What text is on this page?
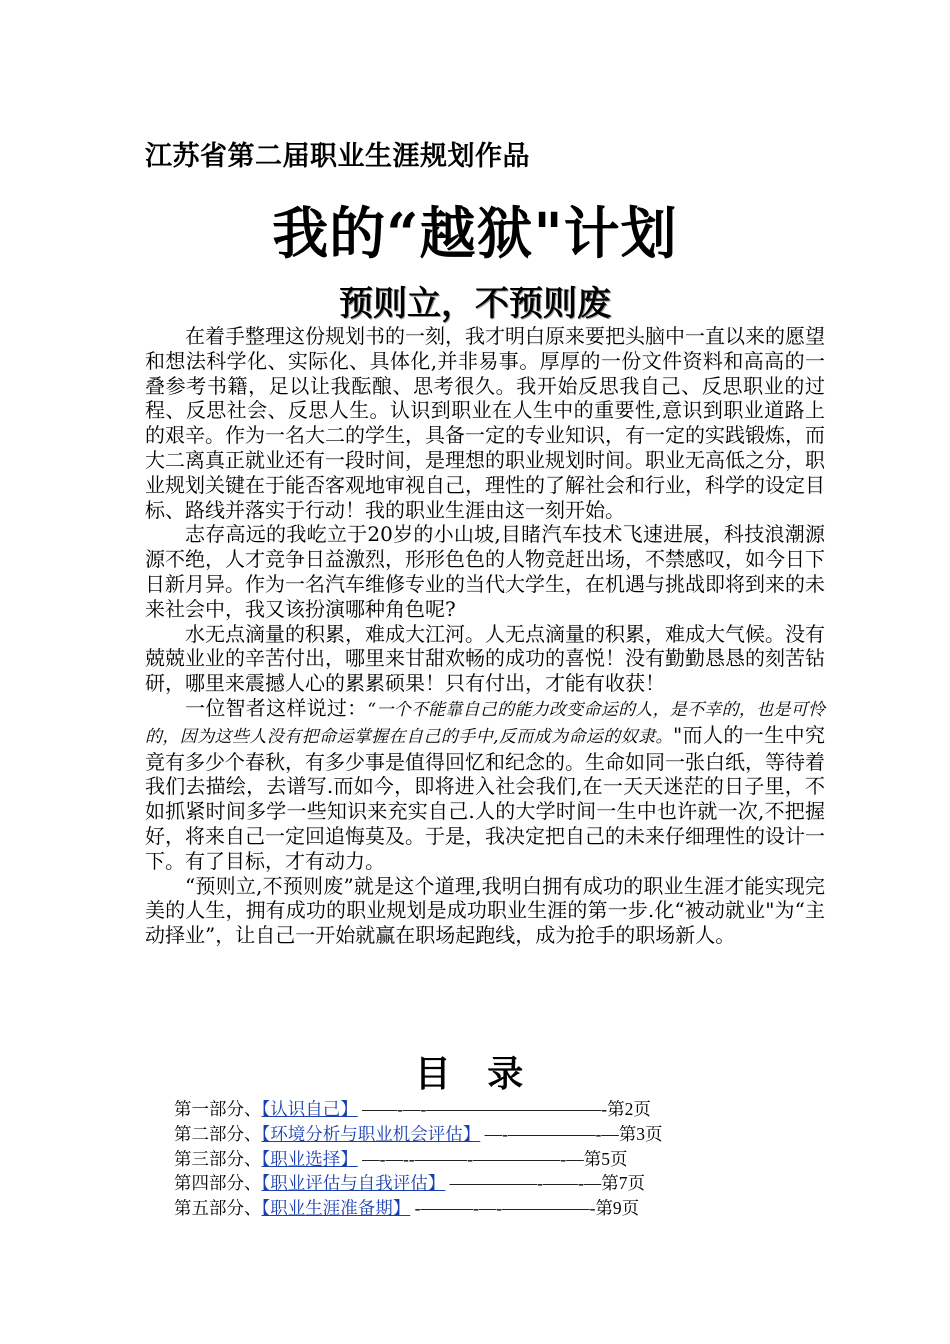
江苏省第二届职业生涯规划作品
我的“越狱"计划
预则立，不预则废

在着手整理这份规划书的一刻，我才明白原来要把头脑中一直以来的愿望和想法科学化、实际化、具体化,并非易事。厚厚的一份文件资料和高高的一叠参考书籍，足以让我酝酿、思考很久。我开始反思我自己、反思职业的过程、反思社会、反思人生。认识到职业在人生中的重要性,意识到职业道路上的艰辛。作为一名大二的学生，具备一定的专业知识，有一定的实践锻炼，而大二离真正就业还有一段时间，是理想的职业规划时间。职业无高低之分，职业规划关键在于能否客观地审视自己，理性的了解社会和行业，科学的设定目标、路线并落实于行动！我的职业生涯由这一刻开始。

志存高远的我屹立于20岁的小山坡,目睹汽车技术飞速进展，科技浪潮源源不绝，人才竞争日益激烈，形形色色的人物竞赶出场，不禁感叹，如今日下日新月异。作为一名汽车维修专业的当代大学生，在机遇与挑战即将到来的未来社会中，我又该扮演哪种角色呢?

水无点滴量的积累，难成大江河。人无点滴量的积累，难成大气候。没有兢兢业业的辛苦付出，哪里来甘甜欢畅的成功的喜悦！没有勤勤恳恳的刻苦钻研，哪里来震撼人心的累累硕果！只有付出，才能有收获！

一位智者这样说过：“一个不能靠自己的能力改变命运的人，是不幸的，也是可怜的，因为这些人没有把命运掌握在自己的手中,反而成为命运的奴隶。"而人的一生中究竟有多少个春秋，有多少事是值得回忆和纪念的。生命如同一张白纸，等待着我们去描绘，去谱写.而如今，即将进入社会我们,在一天天迷茫的日子里，不如抓紧时间多学一些知识来充实自己.人的大学时间一生中也许就一次,不把握好，将来自己一定回追悔莫及。于是，我决定把自己的未来仔细理性的设计一下。有了目标，才有动力。

“预则立,不预则废”就是这个道理,我明白拥有成功的职业生涯才能实现完美的人生，拥有成功的职业规划是成功职业生涯的第一步.化“被动就业"为“主动择业”，让自己一开始就赢在职场起跑线，成为抢手的职场新人。

目 录
第一部分、【认识自己】 ——-—-——————————-第2页
第二部分、【环境分析与职业机会评估】 —-—————-—第3页
第三部分、【职业选择】 —-—--———-—————-—第5页
第四部分、【职业评估与自我评估】 —————-——-—第7页
第五部分、【职业生涯准备期】 -———-—-—————-第9页
